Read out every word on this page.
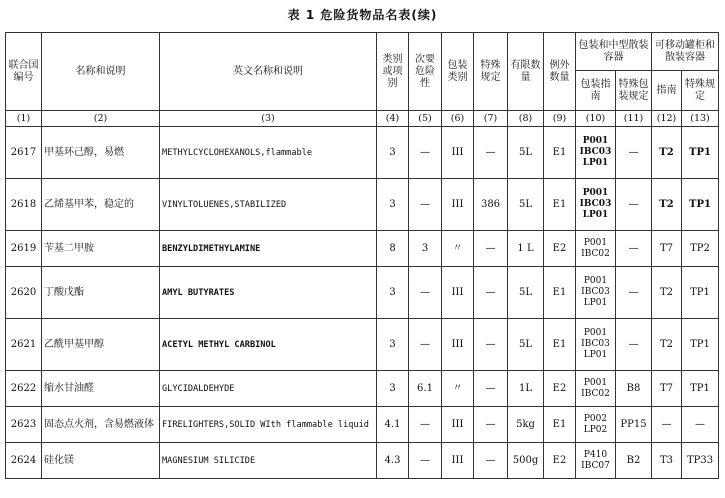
表 1 危险货物品名表(续)
联合国编号	名称和说明	英文名称和说明	类别或项别	次要危险性	包装类别	特殊规定	有限数量	例外数量	包装和中型散装容器		可移动罐柜和散装容器	
									包装指南	特殊包装规定	指南	特殊规定
(1)	(2)	(3)	(4)	(5)	(6)	(7)	(8)	(9)	(10)	(11)	(12)	(13)
2617	甲基环己醇，易燃	METHYLCYCLOHEXANOLS,flammable	3	—	III	—	5L	E1	P001
IBC03
LP01	—	T2	TP1
2618	乙烯基甲苯，稳定的	VINYLTOLUENES,STABILIZED	3	—	III	386	5L	E1	P001
IBC03
LP01	—	T2	TP1
2619	苄基二甲胺	BENZYLDIMETHYLAMINE	8	3	〃	—	1 L	E2	P001
IBC02	—	T7	TP2
2620	丁酸戊酯	AMYL BUTYRATES	3	—	III	—	5L	E1	P001
IBC03
LP01	—	T2	TP1
2621	乙酰甲基甲醇	ACETYL METHYL CARBINOL	3	—	III	—	5L	E1	P001
IBC03
LP01	—	T2	TP1
2622	缩水甘油醛	GLYCIDALDEHYDE	3	6.1	〃	—	1L	E2	P001
IBC02	B8	T7	TP1
2623	固态点火剂，含易燃液体	FIRELIGHTERS,SOLID WIth flammable liquid	4.1	—	III	—	5kg	E1	P002
LP02	PP15	—	—
2624	硅化镁	MAGNESIUM SILICIDE	4.3	—	III	—	500g	E2	P410
IBC07	B2	T3	TP33
